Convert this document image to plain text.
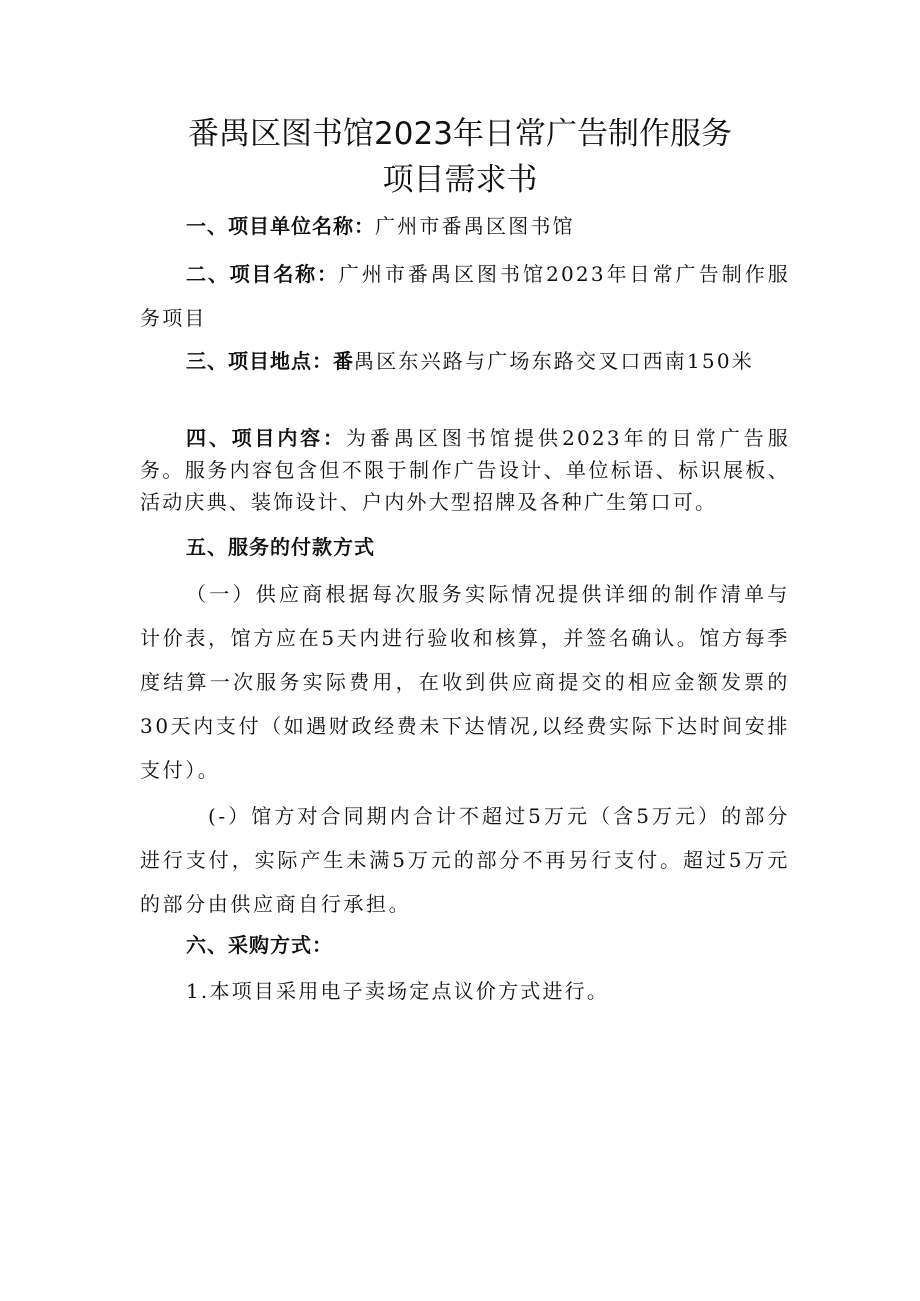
番禺区图书馆2023年日常广告制作服务
项目需求书
一、项目单位名称：广州市番禺区图书馆
二、项目名称：广州市番禺区图书馆2023年日常广告制作服务项目
三、项目地点：番禺区东兴路与广场东路交叉口西南150米
四、项目内容：为番禺区图书馆提供2023年的日常广告服务。服务内容包含但不限于制作广告设计、单位标语、标识展板、活动庆典、装饰设计、户内外大型招牌及各种广生第口可。
五、服务的付款方式
（一）供应商根据每次服务实际情况提供详细的制作清单与计价表，馆方应在5天内进行验收和核算，并签名确认。馆方每季度结算一次服务实际费用，在收到供应商提交的相应金额发票的30天内支付（如遇财政经费未下达情况,以经费实际下达时间安排支付）。
(-）馆方对合同期内合计不超过5万元（含5万元）的部分进行支付，实际产生未满5万元的部分不再另行支付。超过5万元的部分由供应商自行承担。
六、采购方式：
1.本项目采用电子卖场定点议价方式进行。
